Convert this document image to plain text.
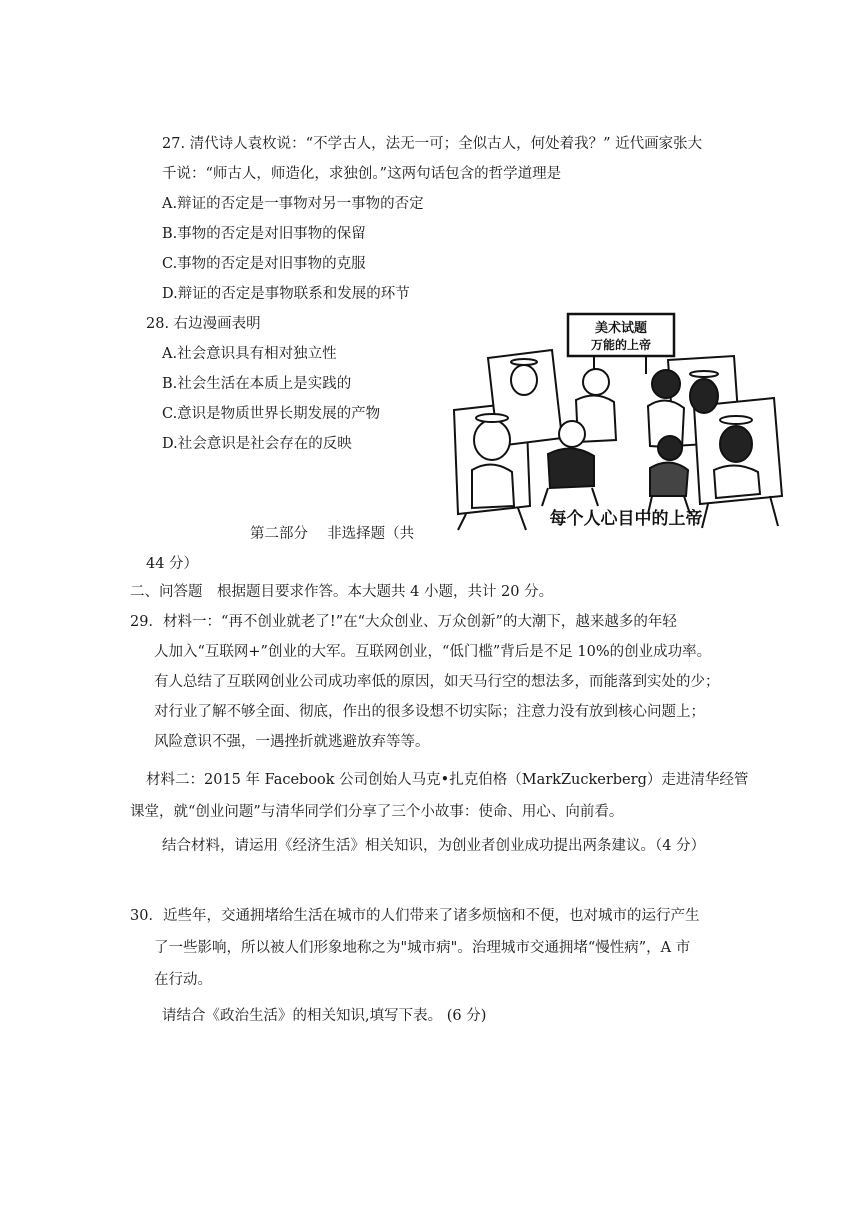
27. 清代诗人袁枚说：“不学古人，法无一可；全似古人，何处着我？” 近代画家张大
千说：“师古人，师造化，求独创。”这两句话包含的哲学道理是
A.辩证的否定是一事物对另一事物的否定
B.事物的否定是对旧事物的保留
C.事物的否定是对旧事物的克服
D.辩证的否定是事物联系和发展的环节
28. 右边漫画表明
A.社会意识具有相对独立性
B.社会生活在本质上是实践的
C.意识是物质世界长期发展的产物
D.社会意识是社会存在的反映
美术试题
万能的上帝
每个人心目中的上帝
第二部分　 非选择题（共
44 分）
二、问答题　根据题目要求作答。本大题共 4 小题，共计 20 分。
29．材料一：“再不创业就老了!”在“大众创业、万众创新”的大潮下，越来越多的年轻
人加入“互联网+”创业的大军。互联网创业，“低门槛”背后是不足 10%的创业成功率。
有人总结了互联网创业公司成功率低的原因，如天马行空的想法多，而能落到实处的少；
对行业了解不够全面、彻底，作出的很多设想不切实际；注意力没有放到核心问题上；
风险意识不强，一遇挫折就逃避放弃等等。
材料二：2015 年 Facebook 公司创始人马克•扎克伯格（MarkZuckerberg）走进清华经管
课堂，就“创业问题”与清华同学们分享了三个小故事：使命、用心、向前看。
结合材料，请运用《经济生活》相关知识，为创业者创业成功提出两条建议。（4 分）
30．近些年，交通拥堵给生活在城市的人们带来了诸多烦恼和不便，也对城市的运行产生
了一些影响，所以被人们形象地称之为"城市病"。治理城市交通拥堵“慢性病”，A 市
在行动。
请结合《政治生活》的相关知识,填写下表。 (6 分)
